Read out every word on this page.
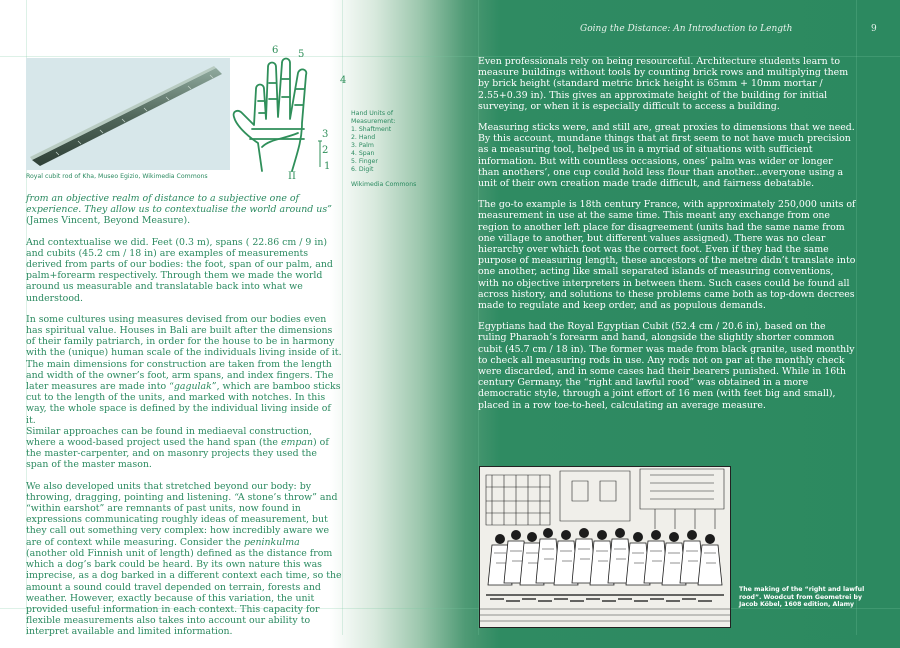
Going the Distance: An Introduction to Length	9
Royal cubit rod of Kha, Museo Egizio, Wikimedia Commons
6 5
4
3
2
1
II
Hand Units of
Measurement:
1. Shaftment
2. Hand
3. Palm
4. Span
5. Finger
6. Digit
Wikimedia Commons

from an objective realm of distance to a subjective one of experience. They allow us to contextualise the world around us” (James Vincent, Beyond Measure).

And contextualise we did. Feet (0.3 m), spans ( 22.86 cm / 9 in) and cubits (45.2 cm / 18 in) are examples of measurements derived from parts of our bodies: the foot, span of our palm, and palm+forearm respectively. Through them we made the world around us measurable and translatable back into what we understood.

In some cultures using measures devised from our bodies even has spiritual value. Houses in Bali are built after the dimensions of their family patriarch, in order for the house to be in harmony with the (unique) human scale of the individuals living inside of it. The main dimensions for construction are taken from the length and width of the owner’s foot, arm spans, and index fingers. The later measures are made into “gagulak”, which are bamboo sticks cut to the length of the units, and marked with notches. In this way, the whole space is defined by the individual living inside of it.

Similar approaches can be found in mediaeval construction, where a wood-based project used the hand span (the empan) of the master-carpenter, and on masonry projects they used the span of the master mason.

We also developed units that stretched beyond our body: by throwing, dragging, pointing and listening. “A stone’s throw” and “within earshot” are remnants of past units, now found in expressions communicating roughly ideas of measurement, but they call out something very complex: how incredibly aware we are of context while measuring. Consider the peninkulma (another old Finnish unit of length) defined as the distance from which a dog’s bark could be heard. By its own nature this was imprecise, as a dog barked in a different context each time, so the amount a sound could travel depended on terrain, forests and weather. However, exactly because of this variation, the unit provided useful information in each context. This capacity for flexible measurements also takes into account our ability to interpret available and limited information.

Even professionals rely on being resourceful. Architecture students learn to measure buildings without tools by counting brick rows and multiplying them by brick height (standard metric brick height is 65mm + 10mm mortar / 2.55+0.39 in). This gives an approximate height of the building for initial surveying, or when it is especially difficult to access a building.

Measuring sticks were, and still are, great proxies to dimensions that we need. By this account, mundane things that at first seem to not have much precision as a measuring tool, helped us in a myriad of situations with sufficient information. But with countless occasions, ones’ palm was wider or longer than anothers’, one cup could hold less flour than another...everyone using a unit of their own creation made trade difficult, and fairness debatable.

The go-to example is 18th century France, with approximately 250,000 units of measurement in use at the same time. This meant any exchange from one region to another left place for disagreement (units had the same name from one village to another, but different values assigned). There was no clear hierarchy over which foot was the correct foot. Even if they had the same purpose of measuring length, these ancestors of the metre didn’t translate into one another, acting like small separated islands of measuring conventions, with no objective interpreters in between them. Such cases could be found all across history, and solutions to these problems came both as top-down decrees made to regulate and keep order, and as populous demands.

Egyptians had the Royal Egyptian Cubit (52.4 cm / 20.6 in), based on the ruling Pharaoh’s forearm and hand, alongside the slightly shorter common cubit (45.7 cm / 18 in). The former was made from black granite, used monthly to check all measuring rods in use. Any rods not on par at the monthly check were discarded, and in some cases had their bearers punished. While in 16th century Germany, the “right and lawful rood” was obtained in a more democratic style, through a joint effort of 16 men (with feet big and small), placed in a row toe-to-heel, calculating an average measure.

The making of the “right and lawful rood”. Woodcut from Geometrei by Jacob Köbel, 1608 edition, Alamy
